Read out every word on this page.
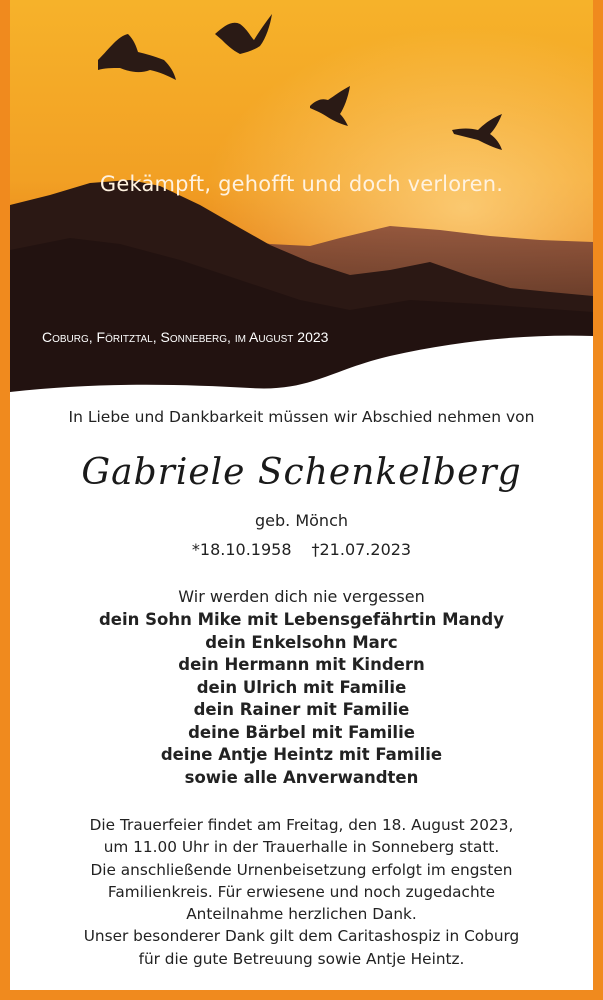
Gekämpft, gehofft und doch verloren.
Coburg, Föritztal, Sonneberg, im August 2023
In Liebe und Dankbarkeit müssen wir Abschied nehmen von
Gabriele Schenkelberg
geb. Mönch
*18.10.1958 †21.07.2023
Wir werden dich nie vergessen
dein Sohn Mike mit Lebensgefährtin Mandy
dein Enkelsohn Marc
dein Hermann mit Kindern
dein Ulrich mit Familie
dein Rainer mit Familie
deine Bärbel mit Familie
deine Antje Heintz mit Familie
sowie alle Anverwandten
Die Trauerfeier findet am Freitag, den 18. August 2023,
um 11.00 Uhr in der Trauerhalle in Sonneberg statt.
Die anschließende Urnenbeisetzung erfolgt im engsten
Familienkreis. Für erwiesene und noch zugedachte
Anteilnahme herzlichen Dank.
Unser besonderer Dank gilt dem Caritashospiz in Coburg
für die gute Betreuung sowie Antje Heintz.
